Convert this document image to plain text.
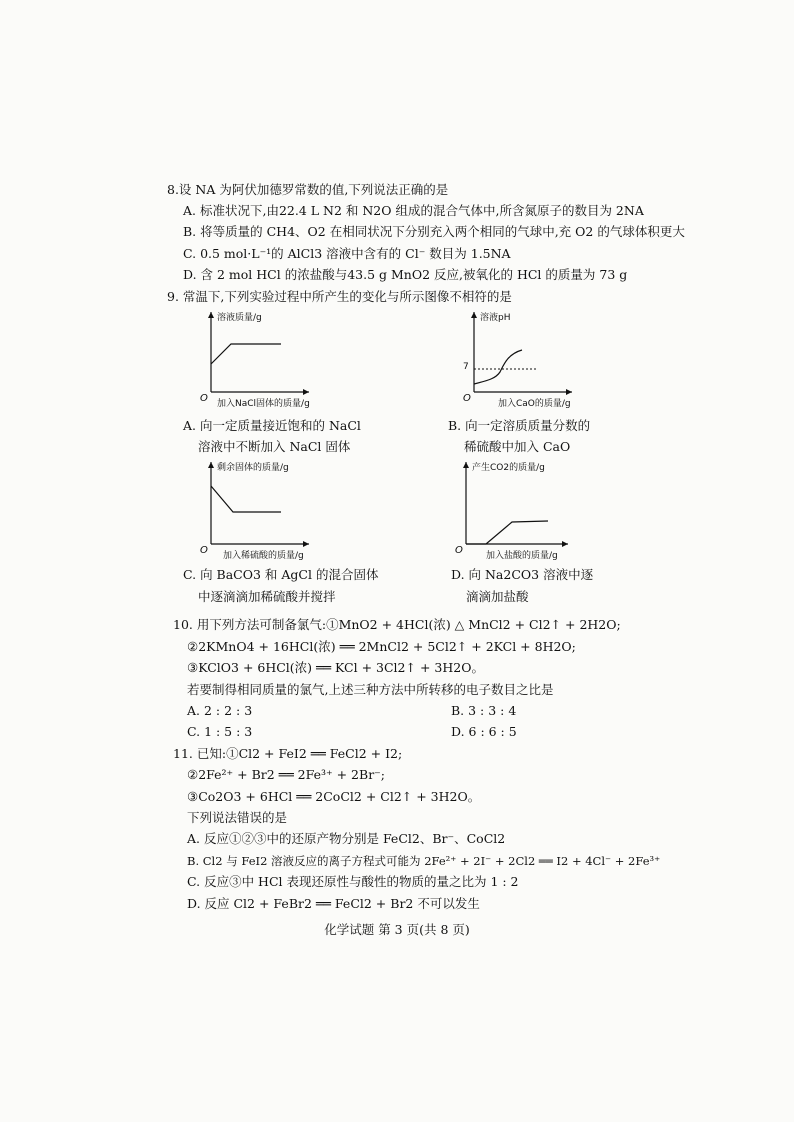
8.设 NA 为阿伏加德罗常数的值,下列说法正确的是
A. 标准状况下,由22.4 L N2 和 N2O 组成的混合气体中,所含氮原子的数目为 2NA
B. 将等质量的 CH4、O2 在相同状况下分别充入两个相同的气球中,充 O2 的气球体积更大
C. 0.5 mol·L⁻¹的 AlCl3 溶液中含有的 Cl⁻ 数目为 1.5NA
D. 含 2 mol HCl 的浓盐酸与43.5 g MnO2 反应,被氧化的 HCl 的质量为 73 g
9. 常温下,下列实验过程中所产生的变化与所示图像不相符的是
溶液质量/g
O 加入NaCl固体的质量/g
A. 向一定质量接近饱和的 NaCl
溶液中不断加入 NaCl 固体
溶液pH
7
O	加入CaO的质量/g
B. 向一定溶质质量分数的
稀硫酸中加入 CaO
剩余固体的质量/g
O 加入稀硫酸的质量/g
C. 向 BaCO3 和 AgCl 的混合固体
中逐滴滴加稀硫酸并搅拌
产生CO2的质量/g
O	加入盐酸的质量/g
D. 向 Na2CO3 溶液中逐
滴滴加盐酸
10. 用下列方法可制备氯气:①MnO2 + 4HCl(浓) △ MnCl2 + Cl2↑ + 2H2O;
②2KMnO4 + 16HCl(浓) ══ 2MnCl2 + 5Cl2↑ + 2KCl + 8H2O;
③KClO3 + 6HCl(浓) ══ KCl + 3Cl2↑ + 3H2O。
若要制得相同质量的氯气,上述三种方法中所转移的电子数目之比是
A. 2 : 2 : 3	B. 3 : 3 : 4
C. 1 : 5 : 3	D. 6 : 6 : 5
11. 已知:①Cl2 + FeI2 ══ FeCl2 + I2;
②2Fe²⁺ + Br2 ══ 2Fe³⁺ + 2Br⁻;
③Co2O3 + 6HCl ══ 2CoCl2 + Cl2↑ + 3H2O。
下列说法错误的是
A. 反应①②③中的还原产物分别是 FeCl2、Br⁻、CoCl2
B. Cl2 与 FeI2 溶液反应的离子方程式可能为 2Fe²⁺ + 2I⁻ + 2Cl2 ══ I2 + 4Cl⁻ + 2Fe³⁺
C. 反应③中 HCl 表现还原性与酸性的物质的量之比为 1 : 2
D. 反应 Cl2 + FeBr2 ══ FeCl2 + Br2 不可以发生
化学试题 第 3 页(共 8 页)
